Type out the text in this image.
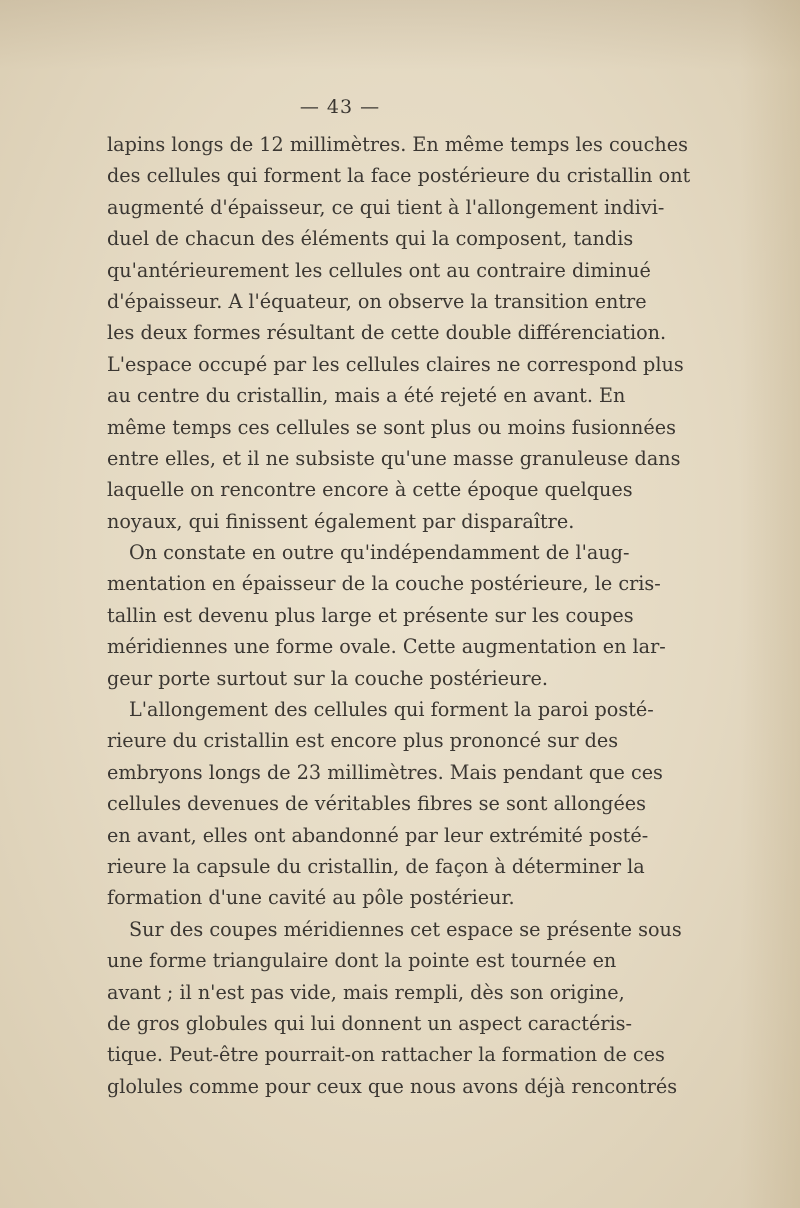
— 43 —
lapins longs de 12 millimètres. En même temps les couches
des cellules qui forment la face postérieure du cristallin ont
augmenté d'épaisseur, ce qui tient à l'allongement indivi-
duel de chacun des éléments qui la composent, tandis
qu'antérieurement les cellules ont au contraire diminué
d'épaisseur. A l'équateur, on observe la transition entre
les deux formes résultant de cette double différenciation.
L'espace occupé par les cellules claires ne correspond plus
au centre du cristallin, mais a été rejeté en avant. En
même temps ces cellules se sont plus ou moins fusionnées
entre elles, et il ne subsiste qu'une masse granuleuse dans
laquelle on rencontre encore à cette époque quelques
noyaux, qui finissent également par disparaître.
On constate en outre qu'indépendamment de l'aug-
mentation en épaisseur de la couche postérieure, le cris-
tallin est devenu plus large et présente sur les coupes
méridiennes une forme ovale. Cette augmentation en lar-
geur porte surtout sur la couche postérieure.
L'allongement des cellules qui forment la paroi posté-
rieure du cristallin est encore plus prononcé sur des
embryons longs de 23 millimètres. Mais pendant que ces
cellules devenues de véritables fibres se sont allongées
en avant, elles ont abandonné par leur extrémité posté-
rieure la capsule du cristallin, de façon à déterminer la
formation d'une cavité au pôle postérieur.
Sur des coupes méridiennes cet espace se présente sous
une forme triangulaire dont la pointe est tournée en
avant ; il n'est pas vide, mais rempli, dès son origine,
de gros globules qui lui donnent un aspect caractéris-
tique. Peut-être pourrait-on rattacher la formation de ces
glolules comme pour ceux que nous avons déjà rencontrés
